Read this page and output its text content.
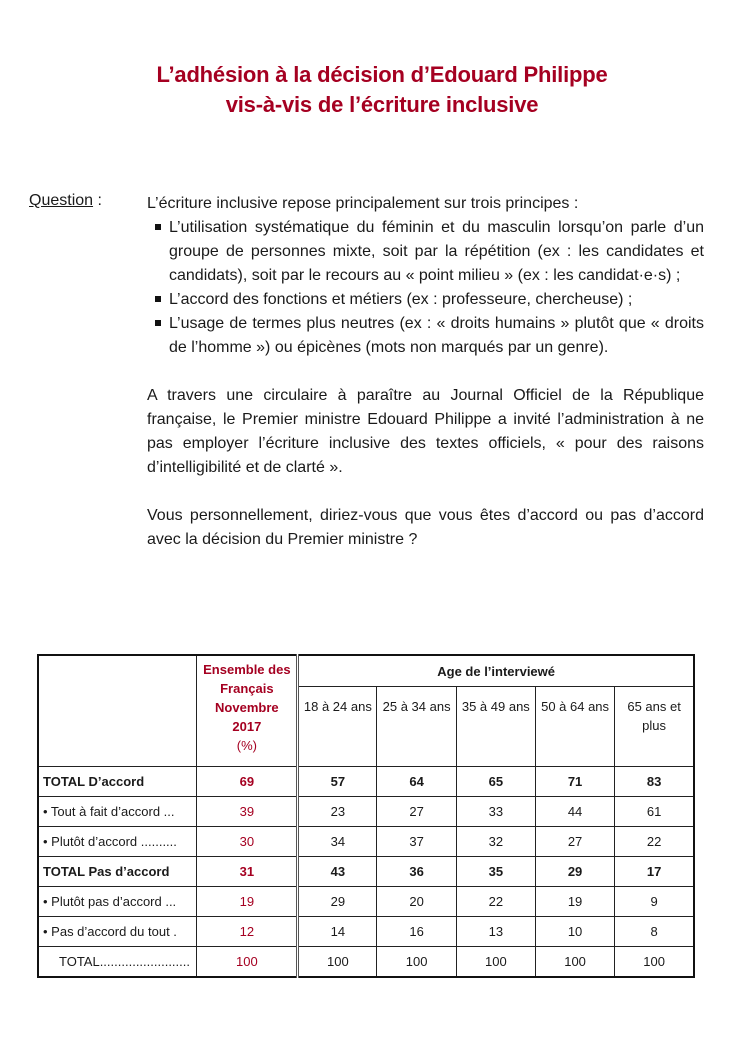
L’adhésion à la décision d’Edouard Philippe
vis-à-vis de l’écriture inclusive
Question :	L’écriture inclusive repose principalement sur trois principes :

L’utilisation systématique du féminin et du masculin lorsqu’on parle d’un groupe de personnes mixte, soit par la répétition (ex : les candidates et candidats), soit par le recours au « point milieu » (ex : les candidat·e·s) ;
L’accord des fonctions et métiers (ex : professeure, chercheuse) ;
L’usage de termes plus neutres (ex : « droits humains » plutôt que « droits de l’homme ») ou épicènes (mots non marqués par un genre).

A travers une circulaire à paraître au Journal Officiel de la République française, le Premier ministre Edouard Philippe a invité l’administration à ne pas employer l’écriture inclusive des textes officiels, « pour des raisons d’intelligibilité et de clarté ».

Vous personnellement, diriez-vous que vous êtes d’accord ou pas d’accord avec la décision du Premier ministre ?

	Ensemble des
Français
Novembre
2017
(%)	Age de l’interviewé				
		18 à 24 ans	25 à 34 ans	35 à 49 ans	50 à 64 ans	65 ans et plus
TOTAL D’accord	69	57	64	65	71	83
• Tout à fait d’accord ...	39	23	27	33	44	61
• Plutôt d’accord ..........	30	34	37	32	27	22
TOTAL Pas d’accord	31	43	36	35	29	17
• Plutôt pas d’accord ...	19	29	20	22	19	9
• Pas d’accord du tout .	12	14	16	13	10	8
TOTAL.........................	100	100	100	100	100	100
